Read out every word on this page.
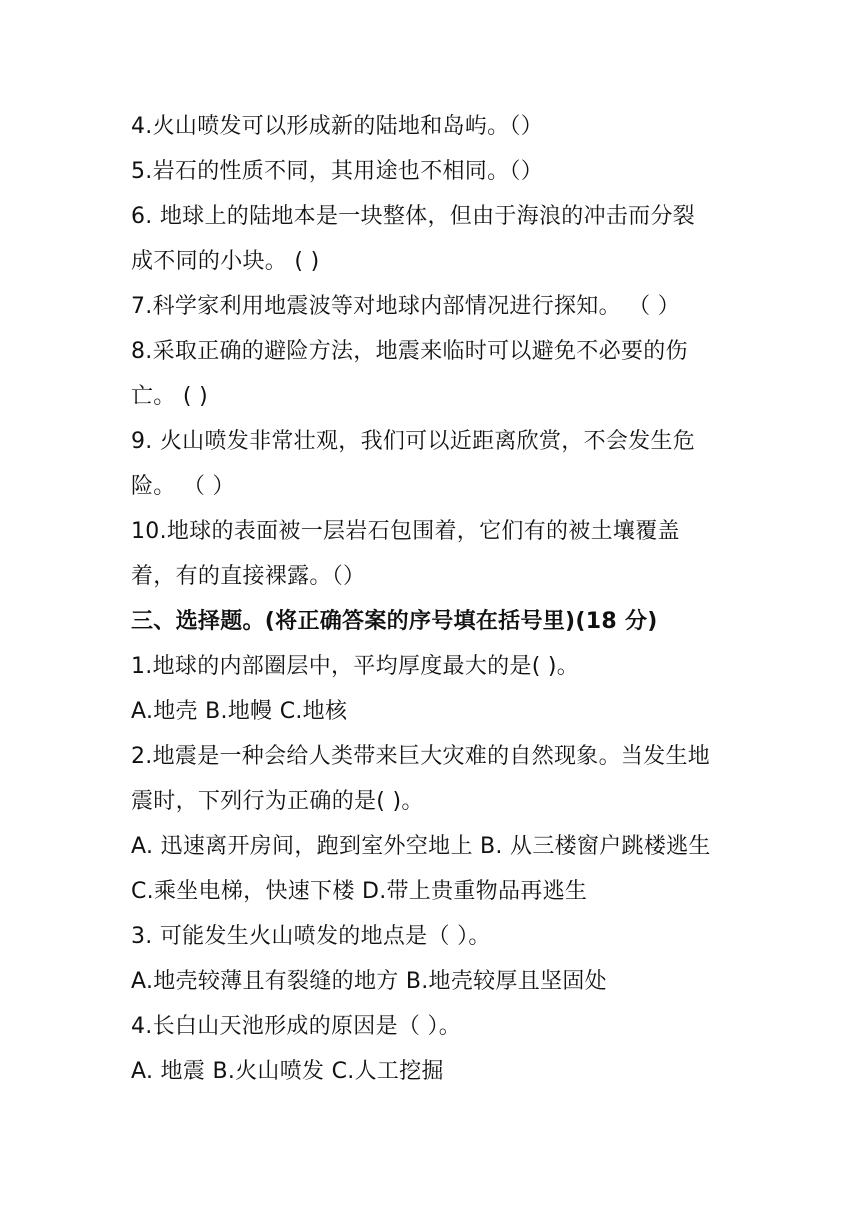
4.火山喷发可以形成新的陆地和岛屿。（）
5.岩石的性质不同，其用途也不相同。（）
6. 地球上的陆地本是一块整体，但由于海浪的冲击而分裂
成不同的小块。 ( )
7.科学家利用地震波等对地球内部情况进行探知。 （ ）
8.采取正确的避险方法，地震来临时可以避免不必要的伤
亡。 ( )
9. 火山喷发非常壮观，我们可以近距离欣赏，不会发生危
险。 （ ）
10.地球的表面被一层岩石包围着，它们有的被土壤覆盖
着，有的直接裸露。（）
三、选择题。(将正确答案的序号填在括号里)(18 分)
1.地球的内部圈层中，平均厚度最大的是( )。
A.地壳 B.地幔 C.地核
2.地震是一种会给人类带来巨大灾难的自然现象。当发生地
震时，下列行为正确的是( )。
A. 迅速离开房间，跑到室外空地上 B. 从三楼窗户跳楼逃生
C.乘坐电梯，快速下楼 D.带上贵重物品再逃生
3. 可能发生火山喷发的地点是（ ）。
A.地壳较薄且有裂缝的地方 B.地壳较厚且坚固处
4.长白山天池形成的原因是（ ）。
A. 地震 B.火山喷发 C.人工挖掘
